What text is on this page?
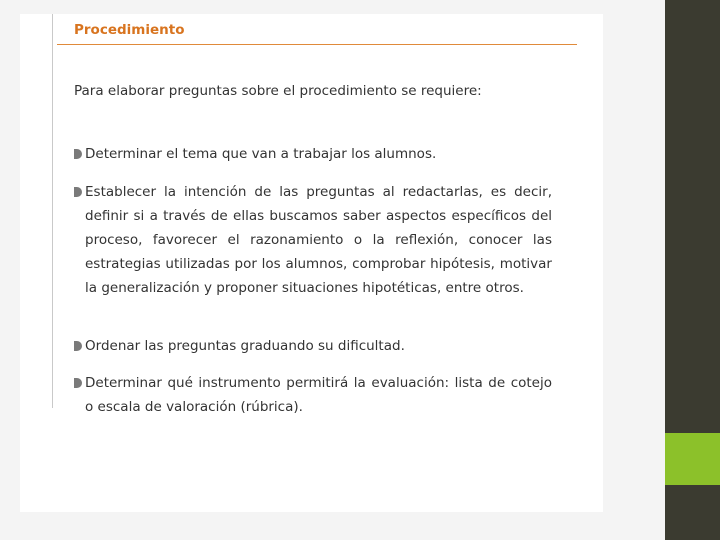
Procedimiento
Para elaborar preguntas sobre el procedimiento se requiere:
Determinar el tema que van a trabajar los alumnos.
Establecer la intención de las preguntas al redactarlas, es decir, definir si a través de ellas buscamos saber aspectos específicos del proceso, favorecer el razonamiento o la reflexión, conocer las estrategias utilizadas por los alumnos, comprobar hipótesis, motivar la generalización y proponer situaciones hipotéticas, entre otros.
Ordenar las preguntas graduando su dificultad.
Determinar qué instrumento permitirá la evaluación: lista de cotejo o escala de valoración (rúbrica).
